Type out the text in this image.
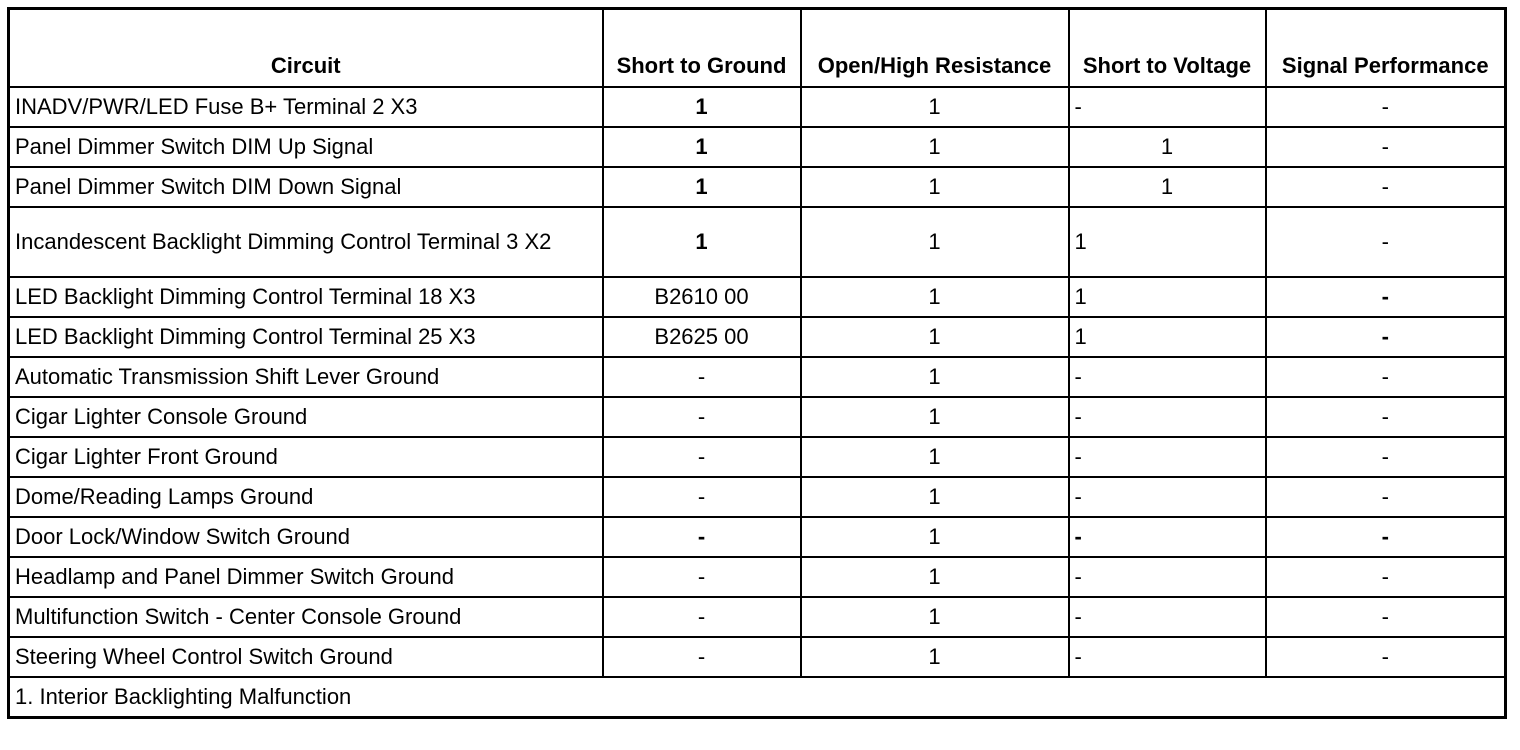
Circuit	Short to Ground	Open/High Resistance	Short to Voltage	Signal Performance
INADV/PWR/LED Fuse B+ Terminal 2 X3	1	1	-	-
Panel Dimmer Switch DIM Up Signal	1	1	1	-
Panel Dimmer Switch DIM Down Signal	1	1	1	-
Incandescent Backlight Dimming Control Terminal 3 X2	1	1	1	-
LED Backlight Dimming Control Terminal 18 X3	B2610 00	1	1	-
LED Backlight Dimming Control Terminal 25 X3	B2625 00	1	1	-
Automatic Transmission Shift Lever Ground	-	1	-	-
Cigar Lighter Console Ground	-	1	-	-
Cigar Lighter Front Ground	-	1	-	-
Dome/Reading Lamps Ground	-	1	-	-
Door Lock/Window Switch Ground	-	1	-	-
Headlamp and Panel Dimmer Switch Ground	-	1	-	-
Multifunction Switch - Center Console Ground	-	1	-	-
Steering Wheel Control Switch Ground	-	1	-	-
1. Interior Backlighting Malfunction				
